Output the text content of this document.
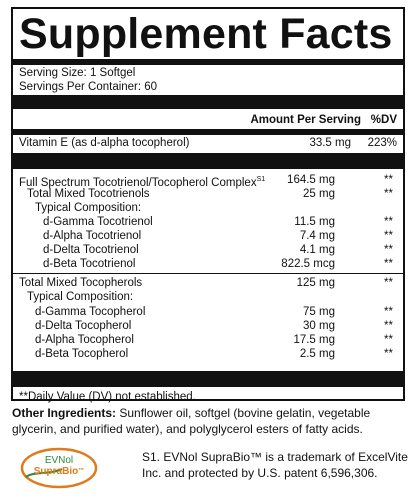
Supplement Facts
Serving Size: 1 Softgel
Servings Per Container: 60
Amount Per Serving %DV
Vitamin E (as d-alpha tocopherol)	33.5 mg	223%
Full Spectrum Tocotrienol/Tocopherol Complex$^{S1}$ 164.5 mg	**
Total Mixed Tocotrienols	25 mg	**
Typical Composition:
d-Gamma Tocotrienol	11.5 mg	**
d-Alpha Tocotrienol	7.4 mg	**
d-Delta Tocotrienol	4.1 mg	**
d-Beta Tocotrienol	822.5 mcg	**
Total Mixed Tocopherols	125 mg	**
Typical Composition:
d-Gamma Tocopherol	75 mg	**
d-Delta Tocopherol	30 mg	**
d-Alpha Tocopherol	17.5 mg	**
d-Beta Tocopherol	2.5 mg	**
**Daily Value (DV) not established.

Other Ingredients: Sunflower oil, softgel (bovine gelatin, vegetable glycerin, and purified water), and polyglycerol esters of fatty acids.

EVNol
SupraBio™

S1. EVNol SupraBio™ is a trademark of ExcelVite Inc. and protected by U.S. patent 6,596,306.
